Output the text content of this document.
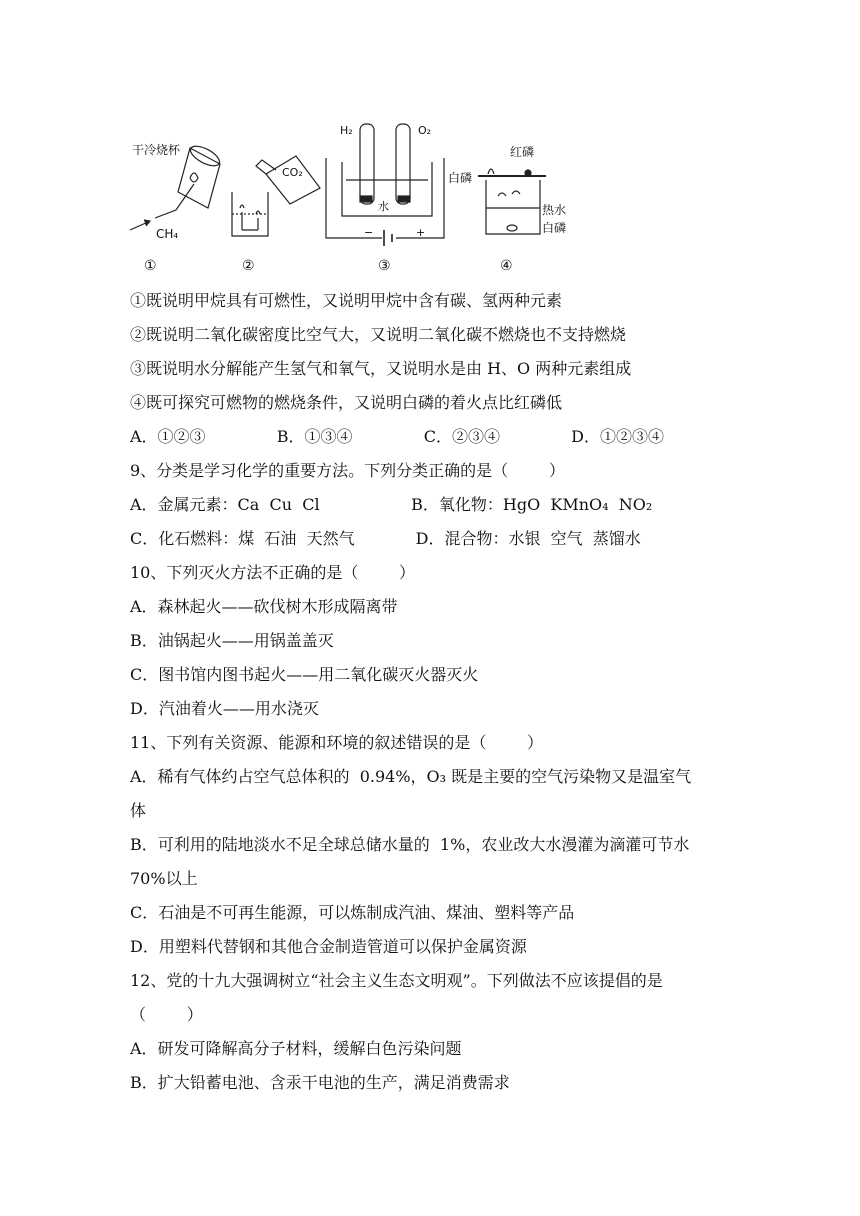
干冷烧杯
CH₄
CO₂
H₂	O₂
水
−	+
红磷
白磷
热水
白磷
①	②	③	④
①既说明甲烷具有可燃性，又说明甲烷中含有碳、氢两种元素
②既说明二氧化碳密度比空气大，又说明二氧化碳不燃烧也不支持燃烧
③既说明水分解能产生氢气和氧气，又说明水是由 H、O 两种元素组成
④既可探究可燃物的燃烧条件，又说明白磷的着火点比红磷低
A．①②③              B．①③④              C．②③④              D．①②③④
9、分类是学习化学的重要方法。下列分类正确的是（        ）
A．金属元素：Ca  Cu  Cl                  B．氧化物：HgO  KMnO₄  NO₂
C．化石燃料：煤  石油  天然气            D．混合物：水银  空气  蒸馏水
10、下列灭火方法不正确的是（        ）
A．森林起火——砍伐树木形成隔离带
B．油锅起火——用锅盖盖灭
C．图书馆内图书起火——用二氧化碳灭火器灭火
D．汽油着火——用水浇灭
11、下列有关资源、能源和环境的叙述错误的是（        ）
A．稀有气体约占空气总体积的  0.94%，O₃ 既是主要的空气污染物又是温室气
体
B．可利用的陆地淡水不足全球总储水量的  1%，农业改大水漫灌为滴灌可节水
70%以上
C．石油是不可再生能源，可以炼制成汽油、煤油、塑料等产品
D．用塑料代替钢和其他合金制造管道可以保护金属资源
12、党的十九大强调树立“社会主义生态文明观”。下列做法不应该提倡的是
（        ）
A．研发可降解高分子材料，缓解白色污染问题
B．扩大铅蓄电池、含汞干电池的生产，满足消费需求
